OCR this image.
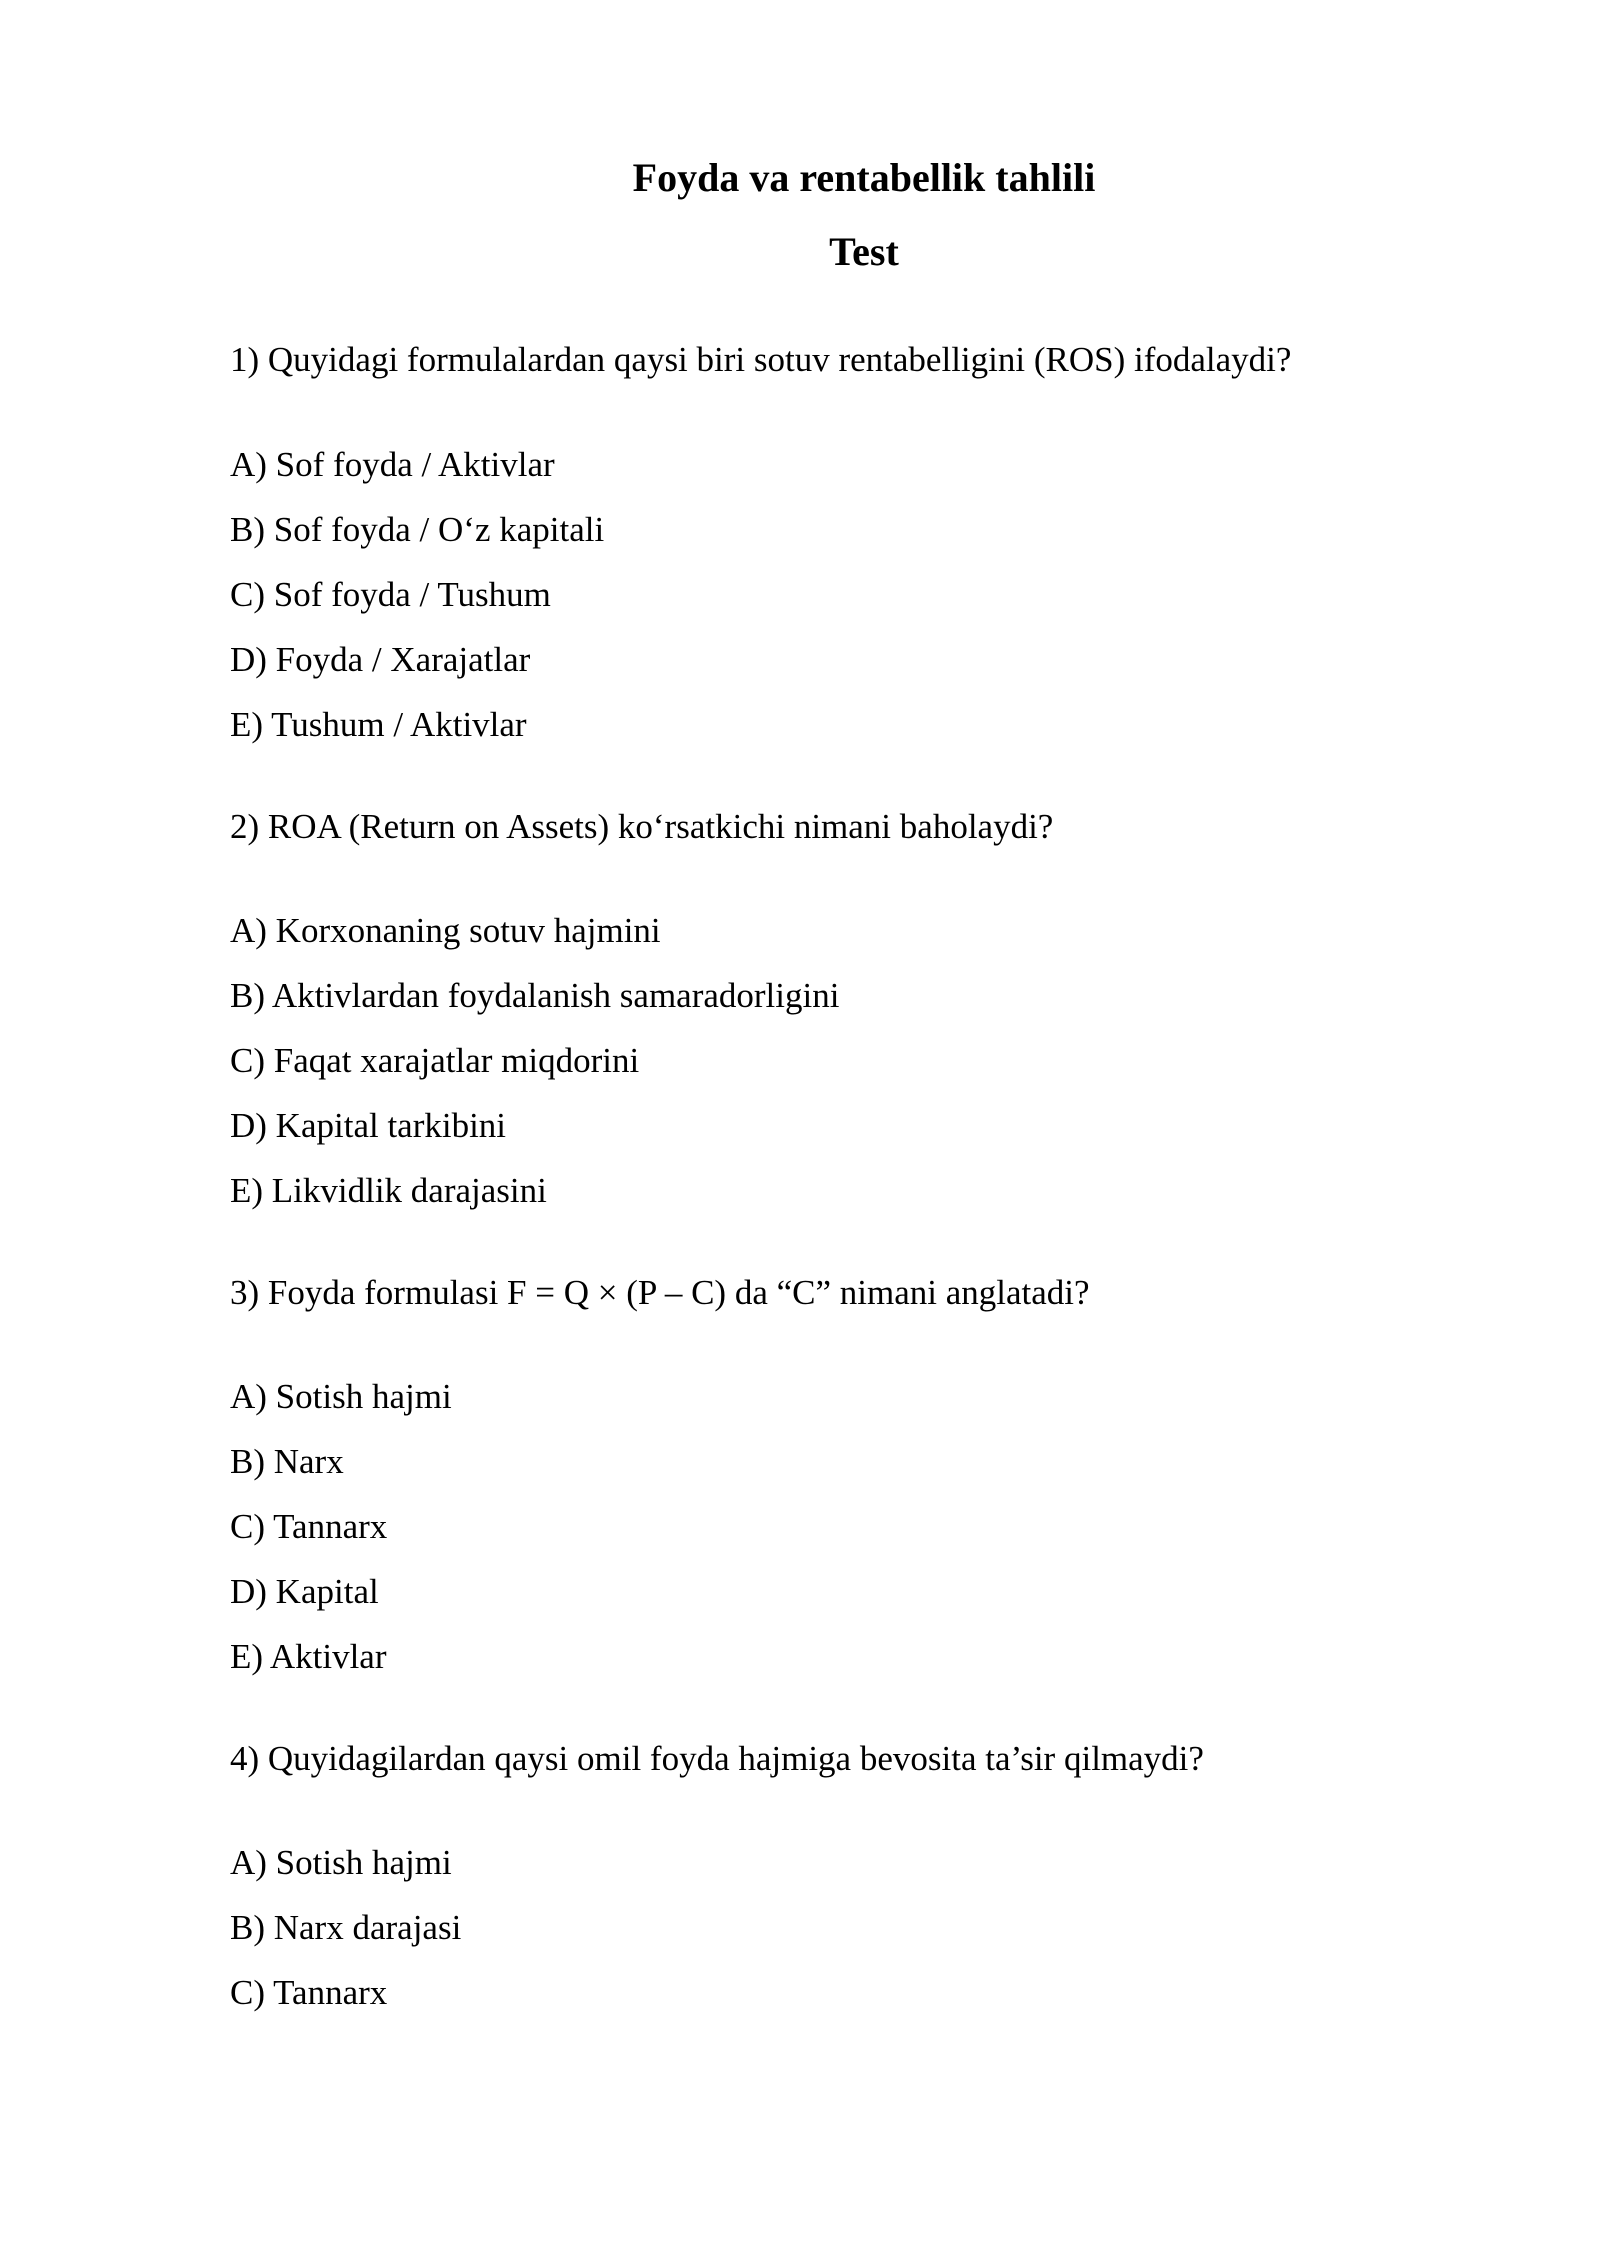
Foyda va rentabellik tahlili
Test

1) Quyidagi formulalardan qaysi biri sotuv rentabelligini (ROS) ifodalaydi?

A) Sof foyda / Aktivlar

B) Sof foyda / O‘z kapitali

C) Sof foyda / Tushum

D) Foyda / Xarajatlar

E) Tushum / Aktivlar

2) ROA (Return on Assets) ko‘rsatkichi nimani baholaydi?

A) Korxonaning sotuv hajmini

B) Aktivlardan foydalanish samaradorligini

C) Faqat xarajatlar miqdorini

D) Kapital tarkibini

E) Likvidlik darajasini

3) Foyda formulasi F = Q × (P – C) da “C” nimani anglatadi?

A) Sotish hajmi

B) Narx

C) Tannarx

D) Kapital

E) Aktivlar

4) Quyidagilardan qaysi omil foyda hajmiga bevosita ta’sir qilmaydi?

A) Sotish hajmi

B) Narx darajasi

C) Tannarx
